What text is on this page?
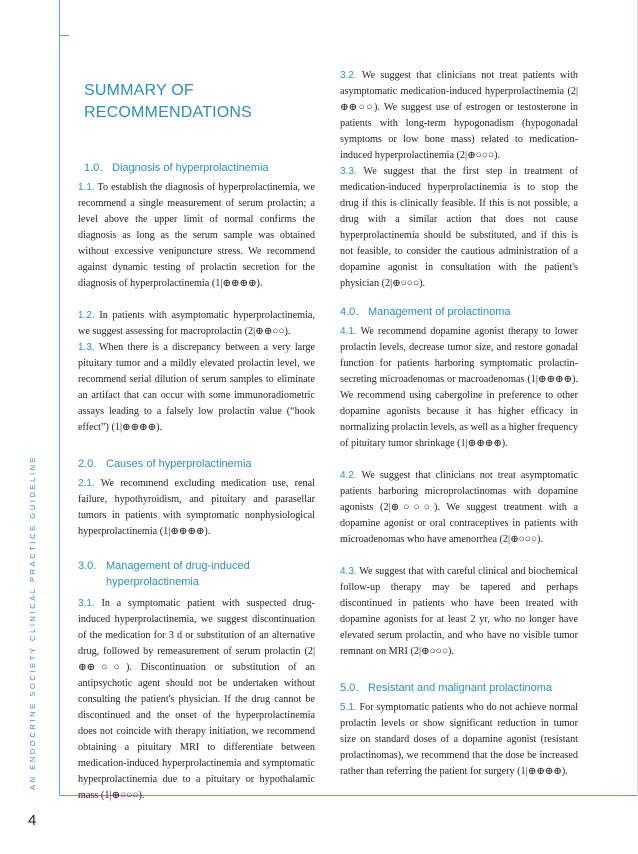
AN ENDOCRINE SOCIETY CLINICAL PRACTICE GUIDELINE
4
SUMMARY OF
RECOMMENDATIONS
1.0. Diagnosis of hyperprolactinemia
1.1. To establish the diagnosis of hyperprolactinemia, we recommend a single measurement of serum prolactin; a level above the upper limit of normal confirms the diagnosis as long as the serum sample was obtained without excessive venipuncture stress. We recommend against dynamic testing of prolactin secretion for the diagnosis of hyperprolactinemia (1|⊕⊕⊕⊕).
1.2. In patients with asymptomatic hyperprolactinemia, we suggest assessing for macroprolactin (2|⊕⊕○○).
1.3. When there is a discrepancy between a very large pituitary tumor and a mildly elevated prolactin level, we recommend serial dilution of serum samples to eliminate an artifact that can occur with some immunoradiometric assays leading to a falsely low prolactin value (“hook effect”) (1|⊕⊕⊕⊕).
2.0. Causes of hyperprolactinemia
2.1. We recommend excluding medication use, renal failure, hypothyroidism, and pituitary and parasellar tumors in patients with symptomatic nonphysiological hyperprolactinemia (1|⊕⊕⊕⊕).
3.0. Management of drug-induced
hyperprolactinemia
3.1. In a symptomatic patient with suspected drug-induced hyperprolactinemia, we suggest discontinuation of the medication for 3 d or substitution of an alternative drug, followed by remeasurement of serum prolactin (2|⊕⊕○○). Discontinuation or substitution of an antipsychotic agent should not be undertaken without consulting the patient's physician. If the drug cannot be discontinued and the onset of the hyperprolactinemia does not coincide with therapy initiation, we recommend obtaining a pituitary MRI to differentiate between medication-induced hyperprolactinemia and symptomatic hyperprolactinemia due to a pituitary or hypothalamic mass (1|⊕○○○).
3.2. We suggest that clinicians not treat patients with asymptomatic medication-induced hyperprolactinemia (2|⊕⊕○○). We suggest use of estrogen or testosterone in patients with long-term hypogonadism (hypogonadal symptoms or low bone mass) related to medication-induced hyperprolactinemia (2|⊕○○○).
3.3. We suggest that the first step in treatment of medication-induced hyperprolactinemia is to stop the drug if this is clinically feasible. If this is not possible, a drug with a similar action that does not cause hyperprolactinemia should be substituted, and if this is not feasible, to consider the cautious administration of a dopamine agonist in consultation with the patient's physician (2|⊕○○○).
4.0. Management of prolactinoma
4.1. We recommend dopamine agonist therapy to lower prolactin levels, decrease tumor size, and restore gonadal function for patients harboring symptomatic prolactin-secreting microadenomas or macroadenomas (1|⊕⊕⊕⊕). We recommend using cabergoline in preference to other dopamine agonists because it has higher efficacy in normalizing prolactin levels, as well as a higher frequency of pituitary tumor shrinkage (1|⊕⊕⊕⊕).
4.2. We suggest that clinicians not treat asymptomatic patients harboring microprolactinomas with dopamine agonists (2|⊕○○○). We suggest treatment with a dopamine agonist or oral contraceptives in patients with microadenomas who have amenorrhea (2|⊕○○○).
4.3. We suggest that with careful clinical and biochemical follow-up therapy may be tapered and perhaps discontinued in patients who have been treated with dopamine agonists for at least 2 yr, who no longer have elevated serum prolactin, and who have no visible tumor remnant on MRI (2|⊕○○○).
5.0. Resistant and malignant prolactinoma
5.1. For symptomatic patients who do not achieve normal prolactin levels or show significant reduction in tumor size on standard doses of a dopamine agonist (resistant prolactinomas), we recommend that the dose be increased rather than referring the patient for surgery (1|⊕⊕⊕⊕).
